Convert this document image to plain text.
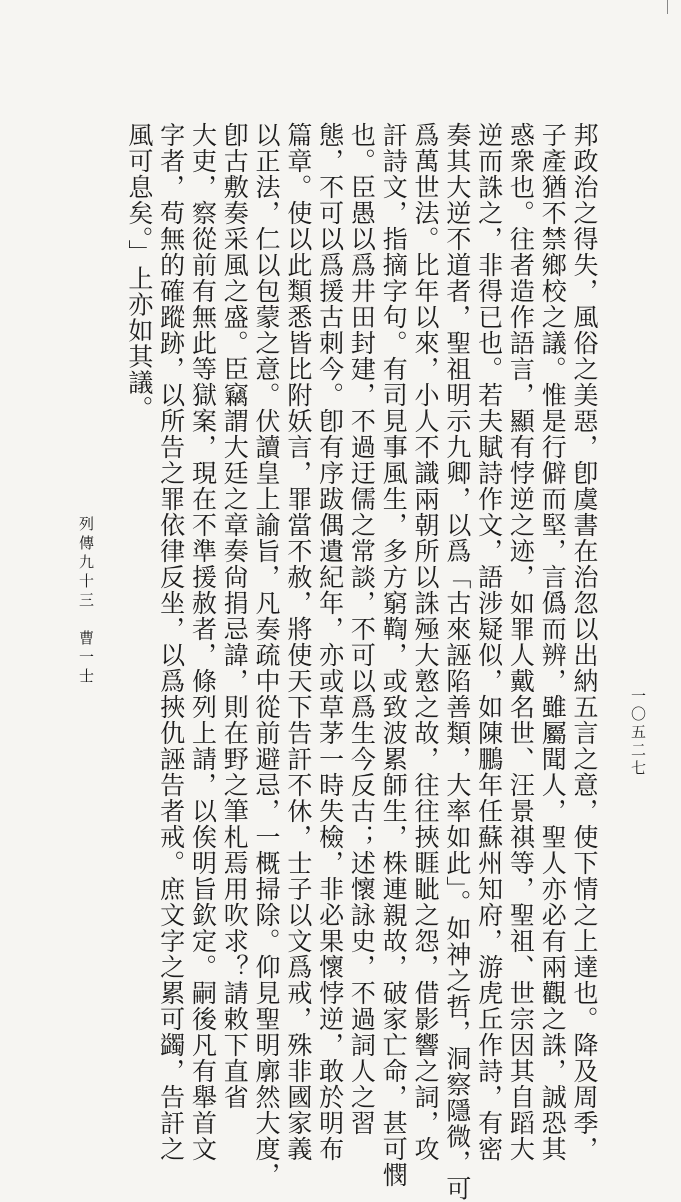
一〇五二七
邦政治之得失，風俗之美惡，卽虞書在治忽以出納五言之意，使下情之上達也。降及周季，
子產猶不禁鄉校之議。惟是行僻而堅，言僞而辨，雖屬聞人，聖人亦必有兩觀之誅，誠恐其
惑衆也。往者造作語言，顯有悖逆之迹，如罪人戴名世、汪景祺等，聖祖、世宗因其自蹈大
逆而誅之，非得已也。若夫賦詩作文，語涉疑似，如陳鵬年任蘇州知府，游虎丘作詩，有密
奏其大逆不道者，聖祖明示九卿，以爲「古來誣陷善類，大率如此」。如神之哲，洞察隱微，可
爲萬世法。比年以來，小人不識兩朝所以誅殛大憝之故，往往挾睚眦之怨，借影響之詞，攻
訐詩文，指摘字句。有司見事風生，多方窮鞫，或致波累師生，株連親故，破家亡命，甚可憫
也。臣愚以爲井田封建，不過迂儒之常談，不可以爲生今反古；述懷詠史，不過詞人之習
態，不可以爲援古刺今。卽有序跋偶遺紀年，亦或草茅一時失檢，非必果懷悖逆，敢於明布
篇章。使以此類悉皆比附妖言，罪當不赦，將使天下告訐不休，士子以文爲戒，殊非國家義
以正法，仁以包蒙之意。伏讀皇上諭旨，凡奏疏中從前避忌，一概掃除。仰見聖明廓然大度，
卽古敷奏采風之盛。臣竊謂大廷之章奏尙捐忌諱，則在野之筆札焉用吹求？請敕下直省
大吏，察從前有無此等獄案，現在不準援赦者，條列上請，以俟明旨欽定。嗣後凡有舉首文
字者，苟無的確蹤跡，以所告之罪依律反坐，以爲挾仇誣告者戒。庶文字之累可蠲，告訐之
風可息矣。」上亦如其議。
列傳九十三　曹一士
